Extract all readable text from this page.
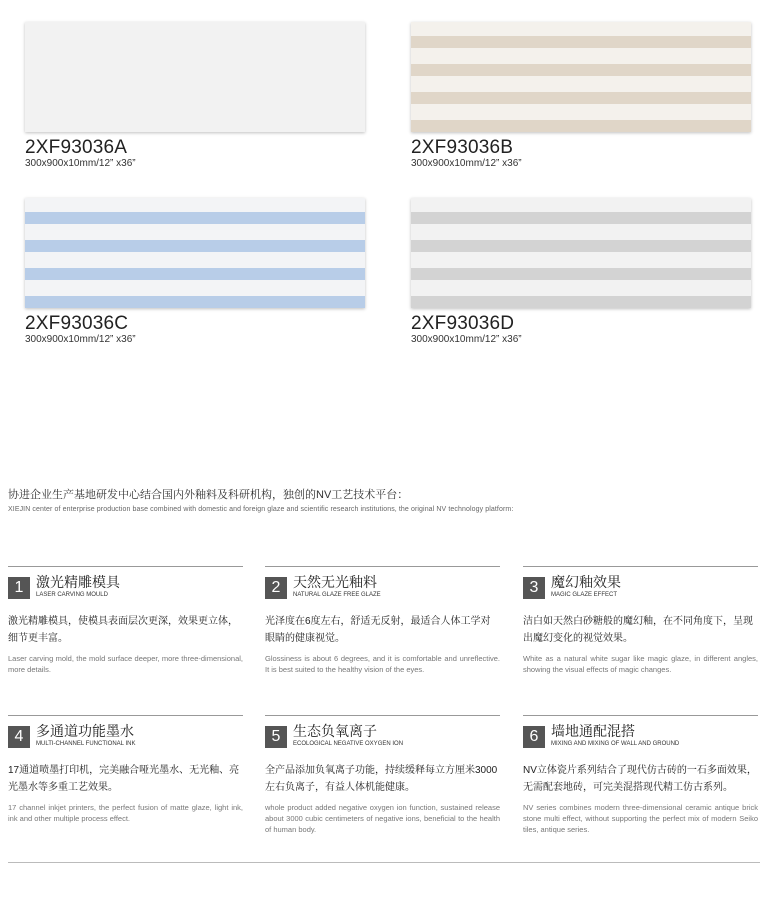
2XF93036A
300x900x10mm/12” x36”
2XF93036B
300x900x10mm/12” x36”
2XF93036C
300x900x10mm/12” x36”
2XF93036D
300x900x10mm/12” x36”
协进企业生产基地研发中心结合国内外釉料及科研机构，独创的NV工艺技术平台：
XIEJIN center of enterprise production base combined with domestic and foreign glaze and scientific research institutions, the original NV technology platform:
1 激光精雕模具
LASER CARVING MOULD
激光精雕模具，使模具表面层次更深，效果更立体，细节更丰富。
Laser carving mold, the mold surface deeper, more three-dimensional, more details.
2 天然无光釉料
NATURAL GLAZE FREE GLAZE
光泽度在6度左右，舒适无反射，最适合人体工学对眼睛的健康视觉。
Glossiness is about 6 degrees, and it is comfortable and unreflective. It is best suited to the healthy vision of the eyes.
3 魔幻釉效果
MAGIC GLAZE EFFECT
洁白如天然白砂糖般的魔幻釉，在不同角度下，呈现出魔幻变化的视觉效果。
White as a natural white sugar like magic glaze, in different angles, showing the visual effects of magic changes.
4 多通道功能墨水
MULTI-CHANNEL FUNCTIONAL INK
17通道喷墨打印机，完美融合哑光墨水、无光釉、亮光墨水等多重工艺效果。
17 channel inkjet printers, the perfect fusion of matte glaze, light ink, ink and other multiple process effect.
5 生态负氧离子
ECOLOGICAL NEGATIVE OXYGEN ION
全产品添加负氧离子功能，持续缓释每立方厘米3000左右负离子，有益人体机能健康。
whole product added negative oxygen ion function, sustained release about 3000 cubic centimeters of negative ions, beneficial to the health of human body.
6 墙地通配混搭
MIXING AND MIXING OF WALL AND GROUND
NV立体瓷片系列结合了现代仿古砖的一石多面效果，无需配套地砖，可完美混搭现代精工仿古系列。
NV series combines modern three-dimensional ceramic antique brick stone multi effect, without supporting the perfect mix of modern Seiko tiles, antique series.
